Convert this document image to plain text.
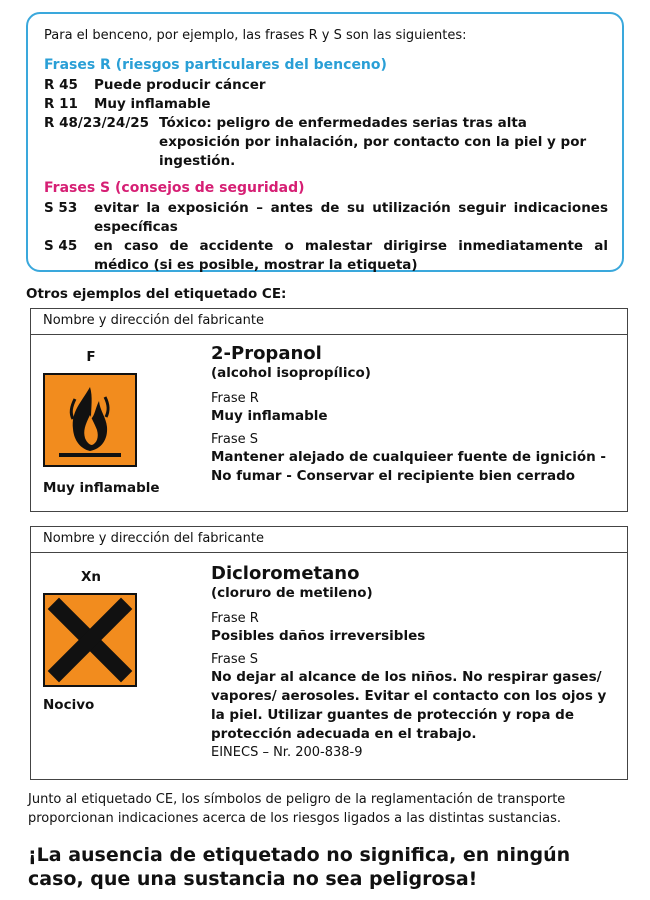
Para el benceno, por ejemplo, las frases R y S son las siguientes:

Frases R (riesgos particulares del benceno)

R 45	Puede producir cáncer
R 11	Muy inflamable
R 48/23/24/25 Tóxico: peligro de enfermedades serias tras alta exposición por inhalación, por contacto con la piel y por ingestión.

Frases S (consejos de seguridad)

S 53	evitar la exposición – antes de su utilización seguir indicaciones específicas
S 45	en caso de accidente o malestar dirigirse inmediatamente al médico (si es posible, mostrar la etiqueta)
Otros ejemplos del etiquetado CE:
Nombre y dirección del fabricante
F
Muy inflamable
2-Propanol
(alcohol isopropílico)
Frase R
Muy inflamable
Frase S
Mantener alejado de cualquieer fuente de ignición - No fumar - Conservar el recipiente bien cerrado
Nombre y dirección del fabricante
Xn
Nocivo
Diclorometano
(cloruro de metileno)
Frase R
Posibles daños irreversibles
Frase S
No dejar al alcance de los niños. No respirar gases/ vapores/ aerosoles. Evitar el contacto con los ojos y la piel. Utilizar guantes de protección y ropa de protección adecuada en el trabajo.
EINECS – Nr. 200-838-9
Junto al etiquetado CE, los símbolos de peligro de la reglamentación de transporte proporcionan indicaciones acerca de los riesgos ligados a las distintas sustancias.
¡La ausencia de etiquetado no significa, en ningún caso, que una sustancia no sea peligrosa!
